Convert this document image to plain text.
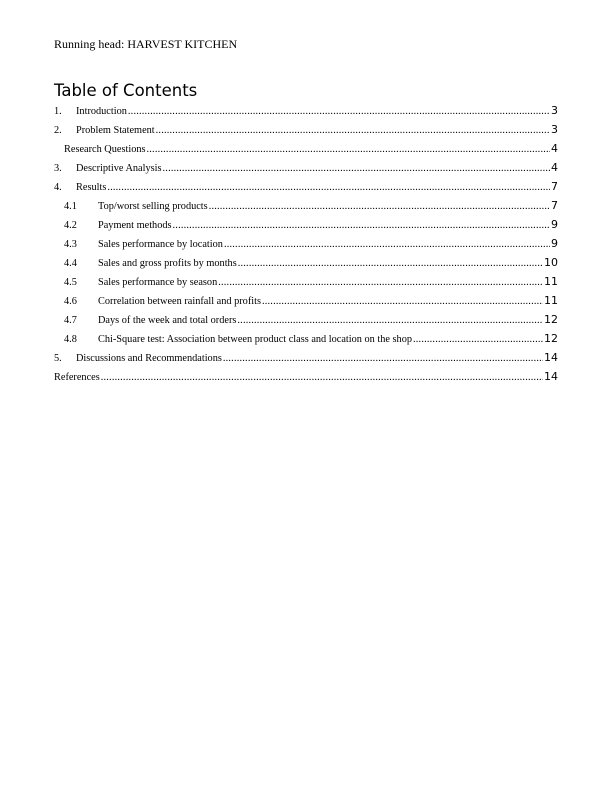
Running head: HARVEST KITCHEN
Table of Contents
1.	Introduction .....	3
2.	Problem Statement .....	3
Research Questions .....	4
3.	Descriptive Analysis .....	4
4.	Results .....	7
4.1	Top/worst selling products .....	7
4.2	Payment methods .....	9
4.3	Sales performance by location .....	9
4.4	Sales and gross profits by months .....	10
4.5	Sales performance by season .....	11
4.6	Correlation between rainfall and profits .....	11
4.7	Days of the week and total orders .....	12
4.8	Chi-Square test: Association between product class and location on the shop .....	12
5.	Discussions and Recommendations .....	14
References .....	14
